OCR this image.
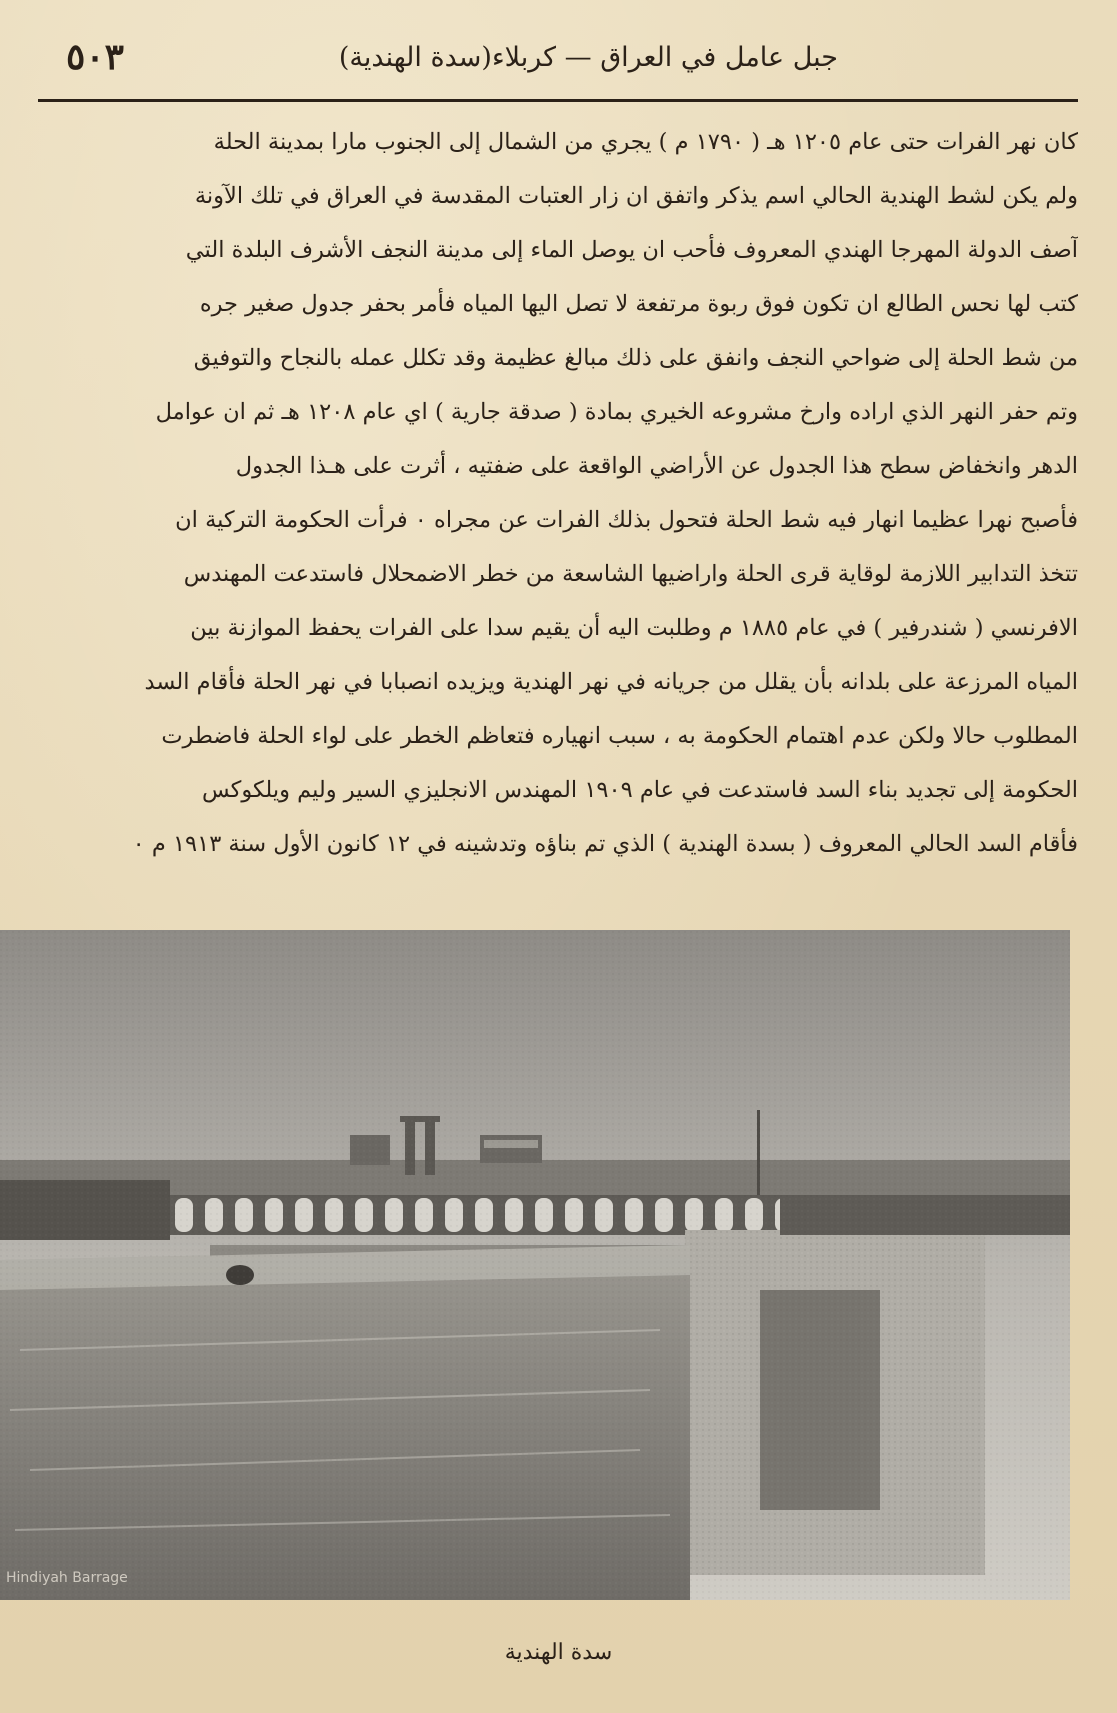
جبل عامل في العراق — كربلاء(سدة الهندية)
٥٠٣
كان نهر الفرات حتى عام ١٢٠٥ هـ ( ١٧٩٠ م ) يجري من الشمال إلى الجنوب مارا بمدينة الحلة
ولم يكن لشط الهندية الحالي اسم يذكر واتفق ان زار العتبات المقدسة في العراق في تلك الآونة
آصف الدولة المهرجا الهندي المعروف فأحب ان يوصل الماء إلى مدينة النجف الأشرف البلدة التي
كتب لها نحس الطالع ان تكون فوق ربوة مرتفعة لا تصل اليها المياه فأمر بحفر جدول صغير جره
من شط الحلة إلى ضواحي النجف وانفق على ذلك مبالغ عظيمة وقد تكلل عمله بالنجاح والتوفيق
وتم حفر النهر الذي اراده وارخ مشروعه الخيري بمادة ( صدقة جارية ) اي عام ١٢٠٨ هـ ثم ان عوامل
الدهر وانخفاض سطح هذا الجدول عن الأراضي الواقعة على ضفتيه ، أثرت على هـذا الجدول
فأصبح نهرا عظيما انهار فيه شط الحلة فتحول بذلك الفرات عن مجراه ٠ فرأت الحكومة التركية ان
تتخذ التدابير اللازمة لوقاية قرى الحلة واراضيها الشاسعة من خطر الاضمحلال فاستدعت المهندس
الافرنسي ( شندرفير ) في عام ١٨٨٥ م وطلبت اليه أن يقيم سدا على الفرات يحفظ الموازنة بين
المياه المرزعة على بلدانه بأن يقلل من جريانه في نهر الهندية ويزيده انصبابا في نهر الحلة فأقام السد
المطلوب حالا ولكن عدم اهتمام الحكومة به ، سبب انهياره فتعاظم الخطر على لواء الحلة فاضطرت
الحكومة إلى تجديد بناء السد فاستدعت في عام ١٩٠٩ المهندس الانجليزي السير وليم ويلكوكس
فأقام السد الحالي المعروف ( بسدة الهندية ) الذي تم بناؤه وتدشينه في ١٢ كانون الأول سنة ١٩١٣ م ٠
Hindiyah Barrage
سدة الهندية
